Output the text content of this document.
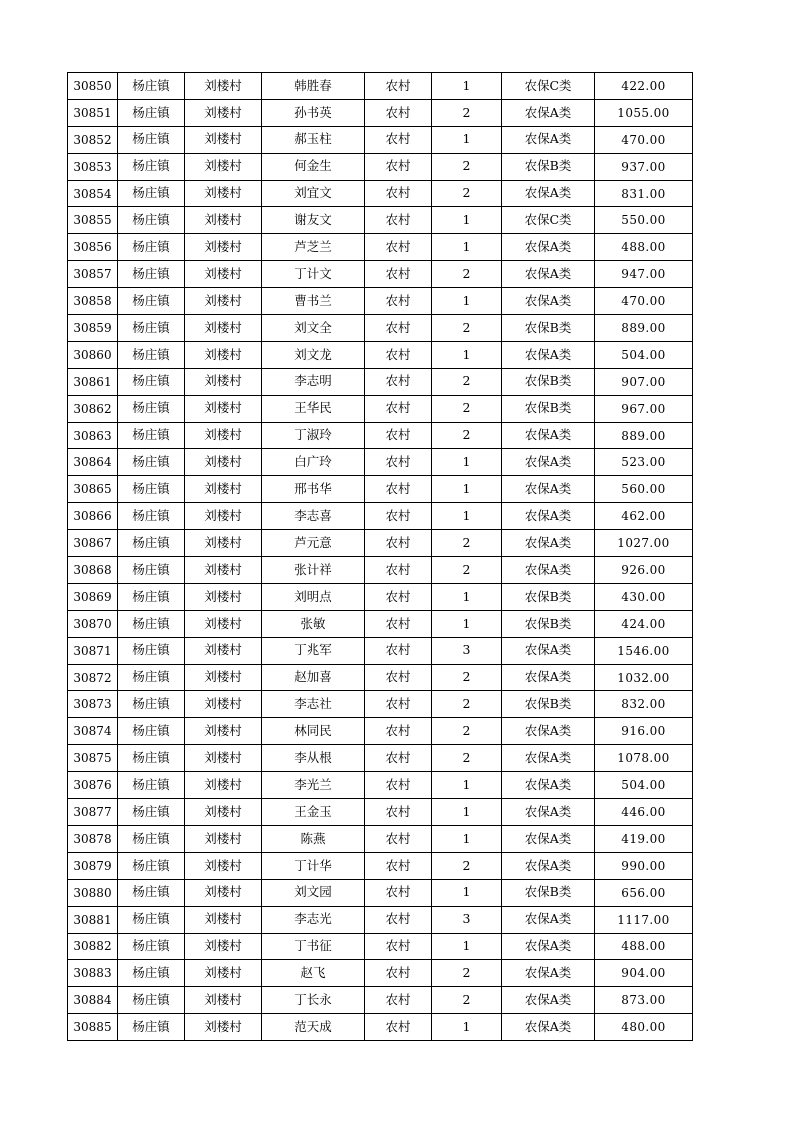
30850	杨庄镇	刘楼村	韩胜春	农村	1	农保C类	422.00
30851	杨庄镇	刘楼村	孙书英	农村	2	农保A类	1055.00
30852	杨庄镇	刘楼村	郝玉柱	农村	1	农保A类	470.00
30853	杨庄镇	刘楼村	何金生	农村	2	农保B类	937.00
30854	杨庄镇	刘楼村	刘宜文	农村	2	农保A类	831.00
30855	杨庄镇	刘楼村	谢友文	农村	1	农保C类	550.00
30856	杨庄镇	刘楼村	芦芝兰	农村	1	农保A类	488.00
30857	杨庄镇	刘楼村	丁计文	农村	2	农保A类	947.00
30858	杨庄镇	刘楼村	曹书兰	农村	1	农保A类	470.00
30859	杨庄镇	刘楼村	刘文全	农村	2	农保B类	889.00
30860	杨庄镇	刘楼村	刘文龙	农村	1	农保A类	504.00
30861	杨庄镇	刘楼村	李志明	农村	2	农保B类	907.00
30862	杨庄镇	刘楼村	王华民	农村	2	农保B类	967.00
30863	杨庄镇	刘楼村	丁淑玲	农村	2	农保A类	889.00
30864	杨庄镇	刘楼村	白广玲	农村	1	农保A类	523.00
30865	杨庄镇	刘楼村	邢书华	农村	1	农保A类	560.00
30866	杨庄镇	刘楼村	李志喜	农村	1	农保A类	462.00
30867	杨庄镇	刘楼村	芦元意	农村	2	农保A类	1027.00
30868	杨庄镇	刘楼村	张计祥	农村	2	农保A类	926.00
30869	杨庄镇	刘楼村	刘明点	农村	1	农保B类	430.00
30870	杨庄镇	刘楼村	张敏	农村	1	农保B类	424.00
30871	杨庄镇	刘楼村	丁兆军	农村	3	农保A类	1546.00
30872	杨庄镇	刘楼村	赵加喜	农村	2	农保A类	1032.00
30873	杨庄镇	刘楼村	李志社	农村	2	农保B类	832.00
30874	杨庄镇	刘楼村	林同民	农村	2	农保A类	916.00
30875	杨庄镇	刘楼村	李从根	农村	2	农保A类	1078.00
30876	杨庄镇	刘楼村	李光兰	农村	1	农保A类	504.00
30877	杨庄镇	刘楼村	王金玉	农村	1	农保A类	446.00
30878	杨庄镇	刘楼村	陈燕	农村	1	农保A类	419.00
30879	杨庄镇	刘楼村	丁计华	农村	2	农保A类	990.00
30880	杨庄镇	刘楼村	刘文园	农村	1	农保B类	656.00
30881	杨庄镇	刘楼村	李志光	农村	3	农保A类	1117.00
30882	杨庄镇	刘楼村	丁书征	农村	1	农保A类	488.00
30883	杨庄镇	刘楼村	赵飞	农村	2	农保A类	904.00
30884	杨庄镇	刘楼村	丁长永	农村	2	农保A类	873.00
30885	杨庄镇	刘楼村	范天成	农村	1	农保A类	480.00
